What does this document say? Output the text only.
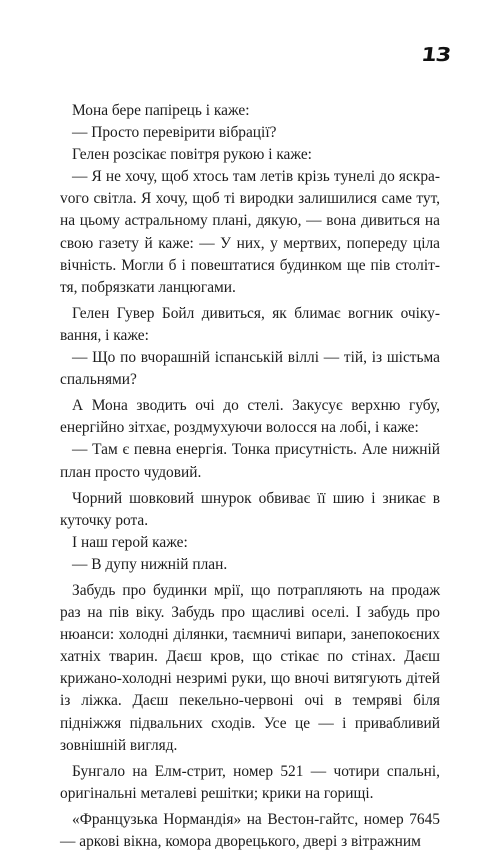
13

Мона бере папірець і каже:

— Просто перевірити вібрації?

Гелен розсікає повітря рукою і каже:

— Я не хочу, щоб хтось там летів крізь тунелі до яскраvого світла. Я хочу, щоб ті виродки залишилися саме тут, на цьому астральному плані, дякую, — вона дивиться на свою газету й каже: — У них, у мертвих, попереду ціла вічність. Могли б і повештатися будинком ще пів століття, побрязкати ланцюгами.

Гелен Гувер Бойл дивиться, як блимає вогник очікування, і каже:

— Що по вчорашній іспанській віллі — тій, із шістьма спальнями?

А Мона зводить очі до стелі. Закусує верхню губу, енергійно зітхає, роздмухуючи волосся на лобі, і каже:

— Там є певна енергія. Тонка присутність. Але нижній план просто чудовий.

Чорний шовковий шнурок обвиває її шию і зникає в куточку рота.

І наш герой каже:

— В дупу нижній план.

Забудь про будинки мрії, що потрапляють на продаж раз на пів віку. Забудь про щасливі оселі. І забудь про нюанси: холодні ділянки, таємничі випари, занепокоєних хатніх тварин. Даєш кров, що стікає по стінах. Даєш крижано-холодні незримі руки, що вночі витягують дітей із ліжка. Даєш пекельно-червоні очі в темряві біля підніжжя підвальних сходів. Усе це — і привабливий зовнішній вигляд.

Бунгало на Елм-стрит, номер 521 — чотири спальні, оригінальні металеві решітки; крики на горищі.

«Французька Нормандія» на Вестон-гайтс, номер 7645 — аркові вікна, комора дворецького, двері з вітражним
